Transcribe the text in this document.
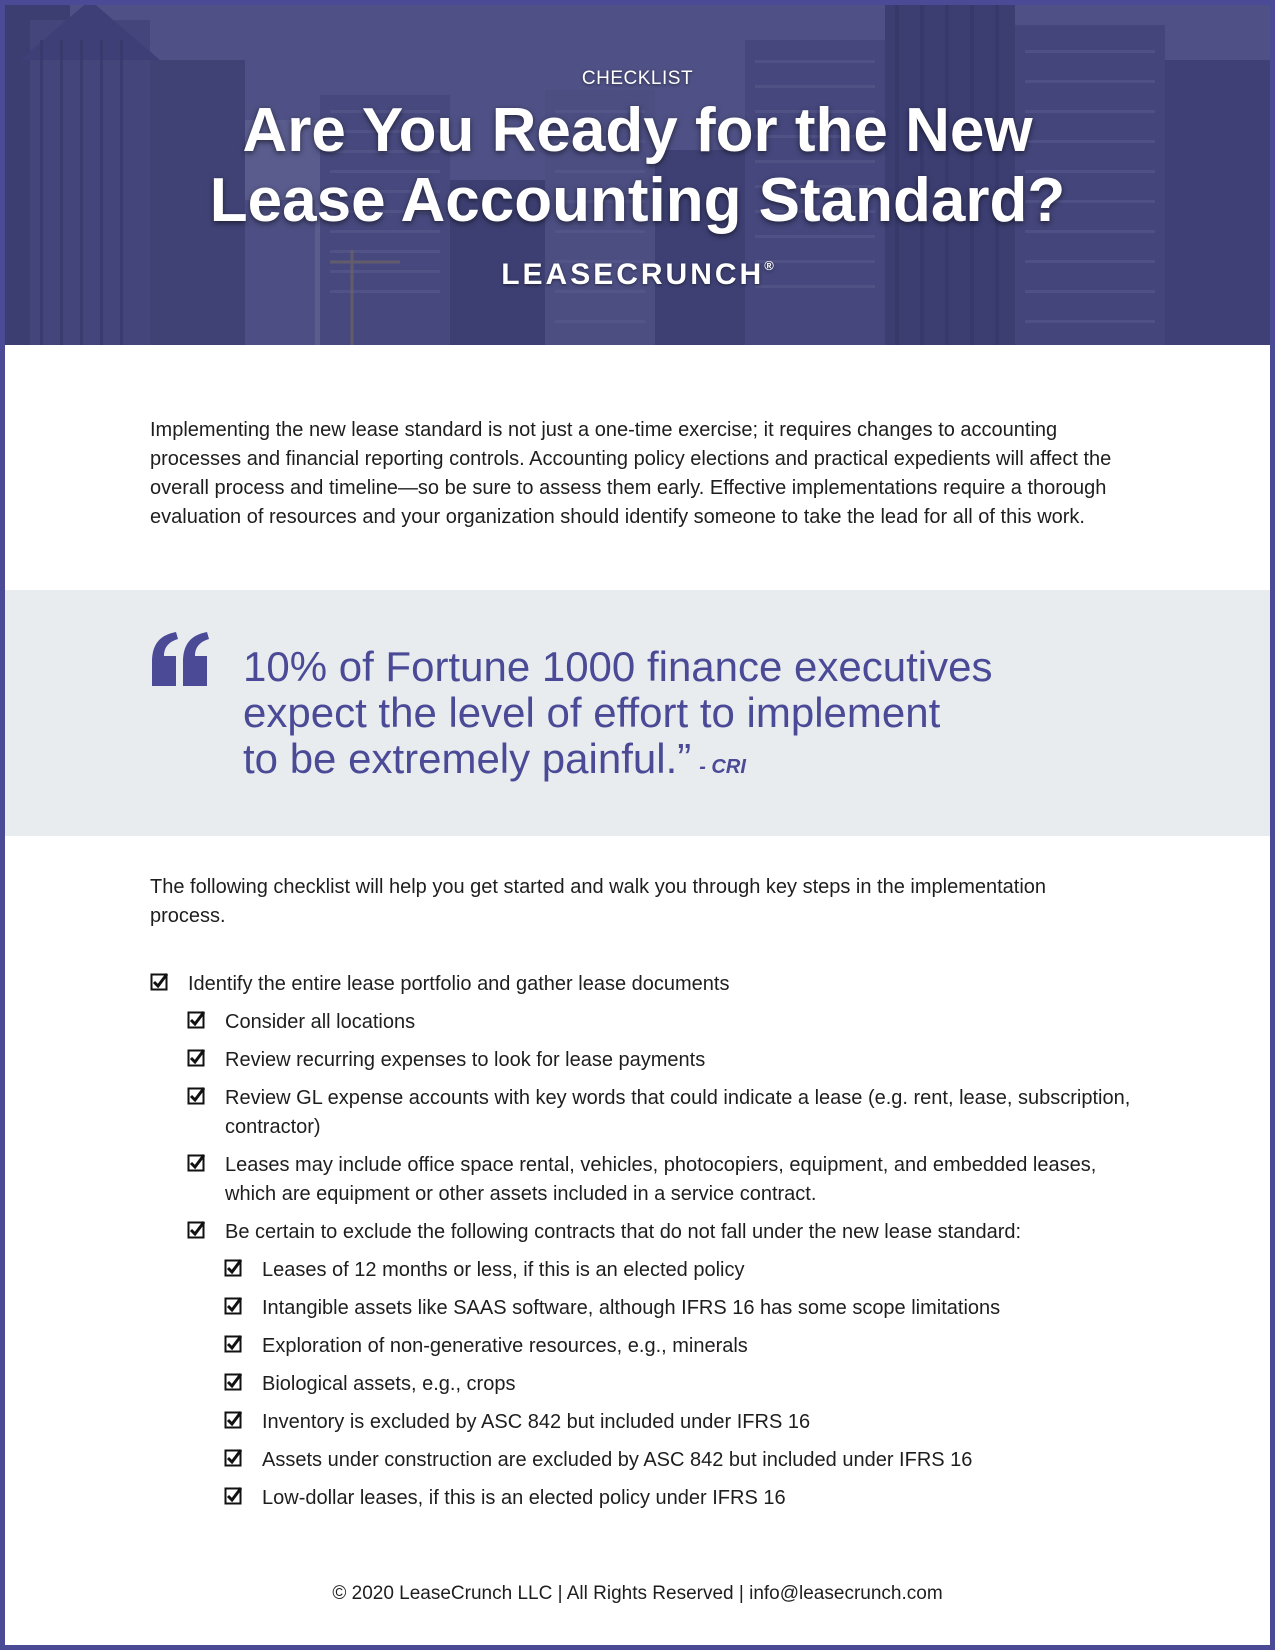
CHECKLIST
Are You Ready for the New
Lease Accounting Standard?
LEASECRUNCH®

Implementing the new lease standard is not just a one-time exercise; it requires changes to accounting processes and financial reporting controls. Accounting policy elections and practical expedients will affect the overall process and timeline—so be sure to assess them early. Effective implementations require a thorough evaluation of resources and your organization should identify someone to take the lead for all of this work.

10% of Fortune 1000 finance executives
expect the level of effort to implement
to be extremely painful.” - CRI

The following checklist will help you get started and walk you through key steps in the implementation process.

Identify the entire lease portfolio and gather lease documents
Consider all locations
Review recurring expenses to look for lease payments
Review GL expense accounts with key words that could indicate a lease (e.g. rent, lease, subscription, contractor)
Leases may include office space rental, vehicles, photocopiers, equipment, and embedded leases, which are equipment or other assets included in a service contract.
Be certain to exclude the following contracts that do not fall under the new lease standard:
Leases of 12 months or less, if this is an elected policy
Intangible assets like SAAS software, although IFRS 16 has some scope limitations
Exploration of non-generative resources, e.g., minerals
Biological assets, e.g., crops
Inventory is excluded by ASC 842 but included under IFRS 16
Assets under construction are excluded by ASC 842 but included under IFRS 16
Low-dollar leases, if this is an elected policy under IFRS 16
© 2020 LeaseCrunch LLC | All Rights Reserved | info@leasecrunch.com
